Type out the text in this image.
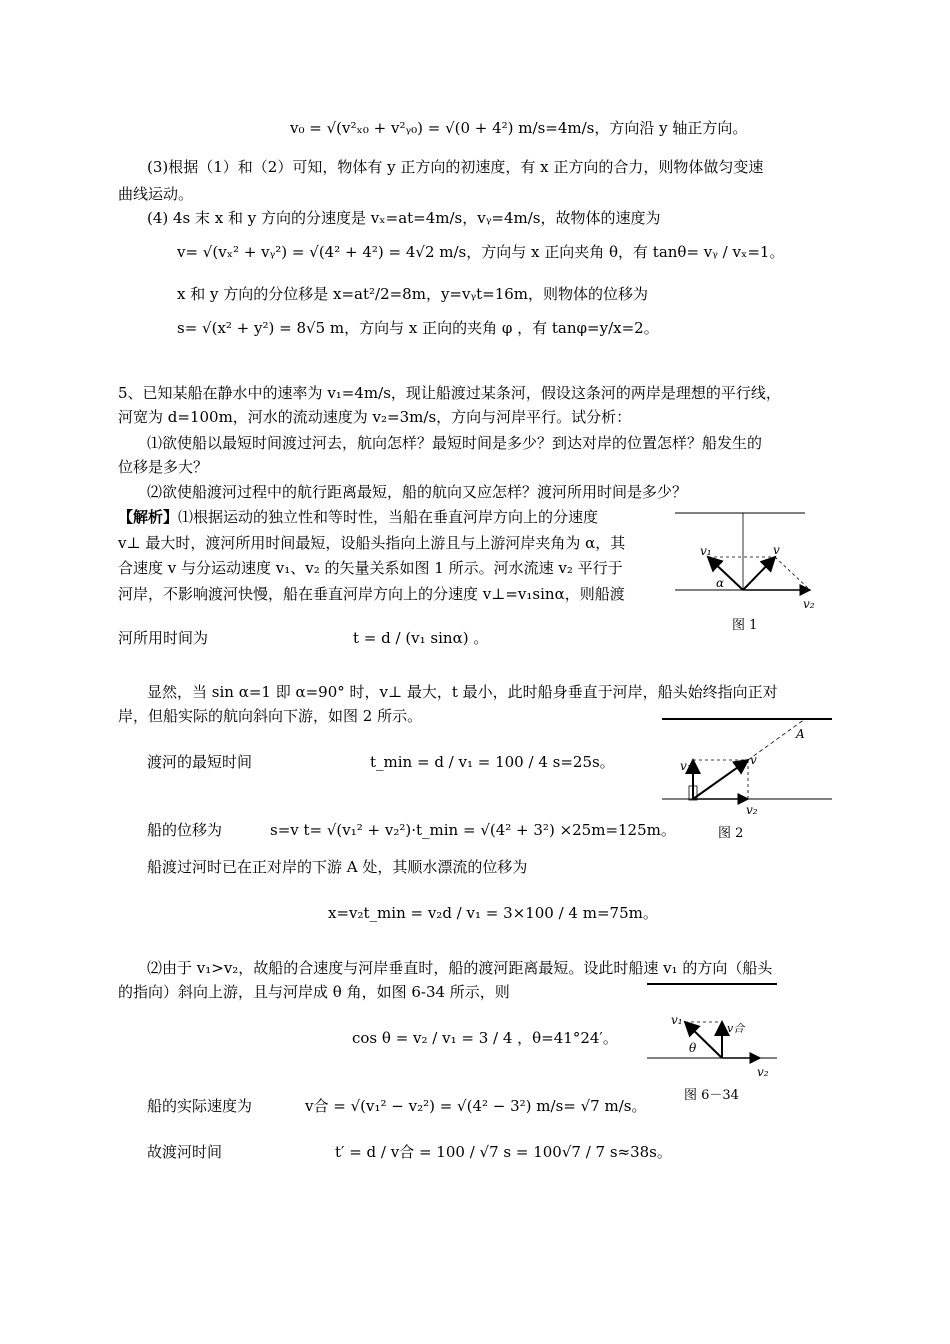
v₀ = √(v²ₓ₀ + v²ᵧ₀) = √(0 + 4²) m/s=4m/s，方向沿 y 轴正方向。
(3)根据（1）和（2）可知，物体有 y 正方向的初速度，有 x 正方向的合力，则物体做匀变速
曲线运动。
(4) 4s 末 x 和 y 方向的分速度是 vₓ=at=4m/s，vᵧ=4m/s，故物体的速度为
v= √(vₓ² + vᵧ²) = √(4² + 4²) = 4√2 m/s，方向与 x 正向夹角 θ，有 tanθ= vᵧ / vₓ=1。
x 和 y 方向的分位移是 x=at²/2=8m，y=vᵧt=16m，则物体的位移为
s= √(x² + y²) = 8√5 m，方向与 x 正向的夹角 φ ，有 tanφ=y/x=2。
5、已知某船在静水中的速率为 v₁=4m/s，现让船渡过某条河，假设这条河的两岸是理想的平行线，
河宽为 d=100m，河水的流动速度为 v₂=3m/s，方向与河岸平行。试分析：
⑴欲使船以最短时间渡过河去，航向怎样？最短时间是多少？到达对岸的位置怎样？船发生的
位移是多大？
⑵欲使船渡河过程中的航行距离最短，船的航向又应怎样？渡河所用时间是多少？
【解析】⑴根据运动的独立性和等时性，当船在垂直河岸方向上的分速度
v⊥ 最大时，渡河所用时间最短，设船头指向上游且与上游河岸夹角为 α，其
合速度 v 与分运动速度 v₁、v₂ 的矢量关系如图 1 所示。河水流速 v₂ 平行于
河岸，不影响渡河快慢，船在垂直河岸方向上的分速度 v⊥=v₁sinα，则船渡
河所用时间为	t = d / (v₁ sinα) 。
显然，当 sin α=1 即 α=90° 时，v⊥ 最大，t 最小，此时船身垂直于河岸，船头始终指向正对
岸，但船实际的航向斜向下游，如图 2 所示。
渡河的最短时间	t_min = d / v₁ = 100 / 4 s=25s。
船的位移为	s=v t= √(v₁² + v₂²)·t_min = √(4² + 3²) ×25m=125m。
船渡过河时已在正对岸的下游 A 处，其顺水漂流的位移为
x=v₂t_min = v₂d / v₁ = 3×100 / 4 m=75m。
⑵由于 v₁>v₂，故船的合速度与河岸垂直时，船的渡河距离最短。设此时船速 v₁ 的方向（船头
的指向）斜向上游，且与河岸成 θ 角，如图 6-34 所示，则
cos θ = v₂ / v₁ = 3 / 4 ，θ=41°24′。
船的实际速度为	v合 = √(v₁² − v₂²) = √(4² − 3²) m/s= √7 m/s。
故渡河时间	t′ = d / v合 = 100 / √7 s = 100√7 / 7 s≈38s。
v₁	v
α
v₂
图 1
v₁	v
A
v₂
图 2
v₁
v合
θ
v₂
图 6－34
